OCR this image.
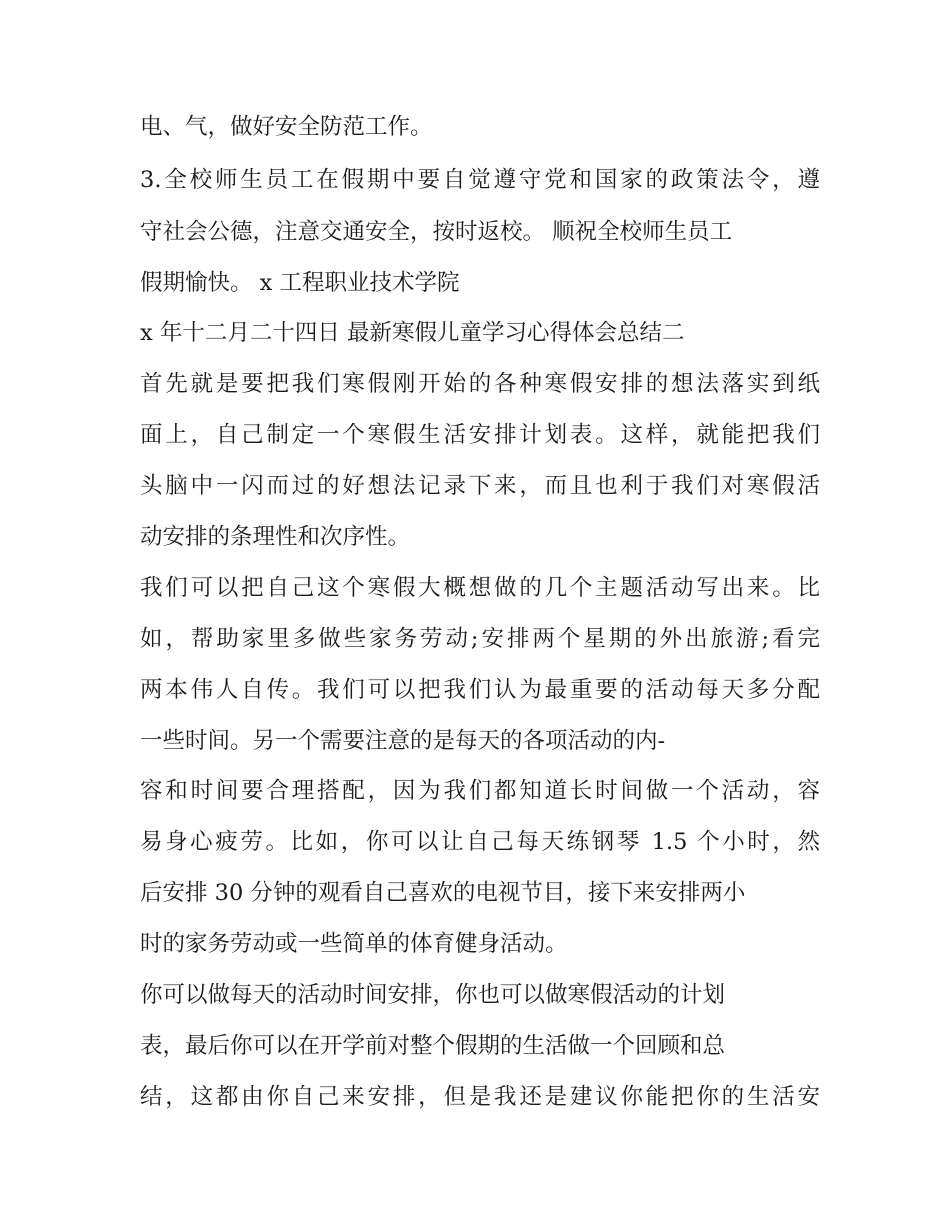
电、气，做好安全防范工作。
3.全校师生员工在假期中要自觉遵守党和国家的政策法令，遵
守社会公德，注意交通安全，按时返校。 顺祝全校师生员工
假期愉快。 x 工程职业技术学院
x 年十二月二十四日 最新寒假儿童学习心得体会总结二
首先就是要把我们寒假刚开始的各种寒假安排的想法落实到纸
面上，自己制定一个寒假生活安排计划表。这样，就能把我们
头脑中一闪而过的好想法记录下来，而且也利于我们对寒假活
动安排的条理性和次序性。
我们可以把自己这个寒假大概想做的几个主题活动写出来。比
如，帮助家里多做些家务劳动;安排两个星期的外出旅游;看完
两本伟人自传。我们可以把我们认为最重要的活动每天多分配
一些时间。另一个需要注意的是每天的各项活动的内-
容和时间要合理搭配，因为我们都知道长时间做一个活动，容
易身心疲劳。比如，你可以让自己每天练钢琴 1.5 个小时，然
后安排 30 分钟的观看自己喜欢的电视节目，接下来安排两小
时的家务劳动或一些简单的体育健身活动。
你可以做每天的活动时间安排，你也可以做寒假活动的计划
表，最后你可以在开学前对整个假期的生活做一个回顾和总
结，这都由你自己来安排，但是我还是建议你能把你的生活安
